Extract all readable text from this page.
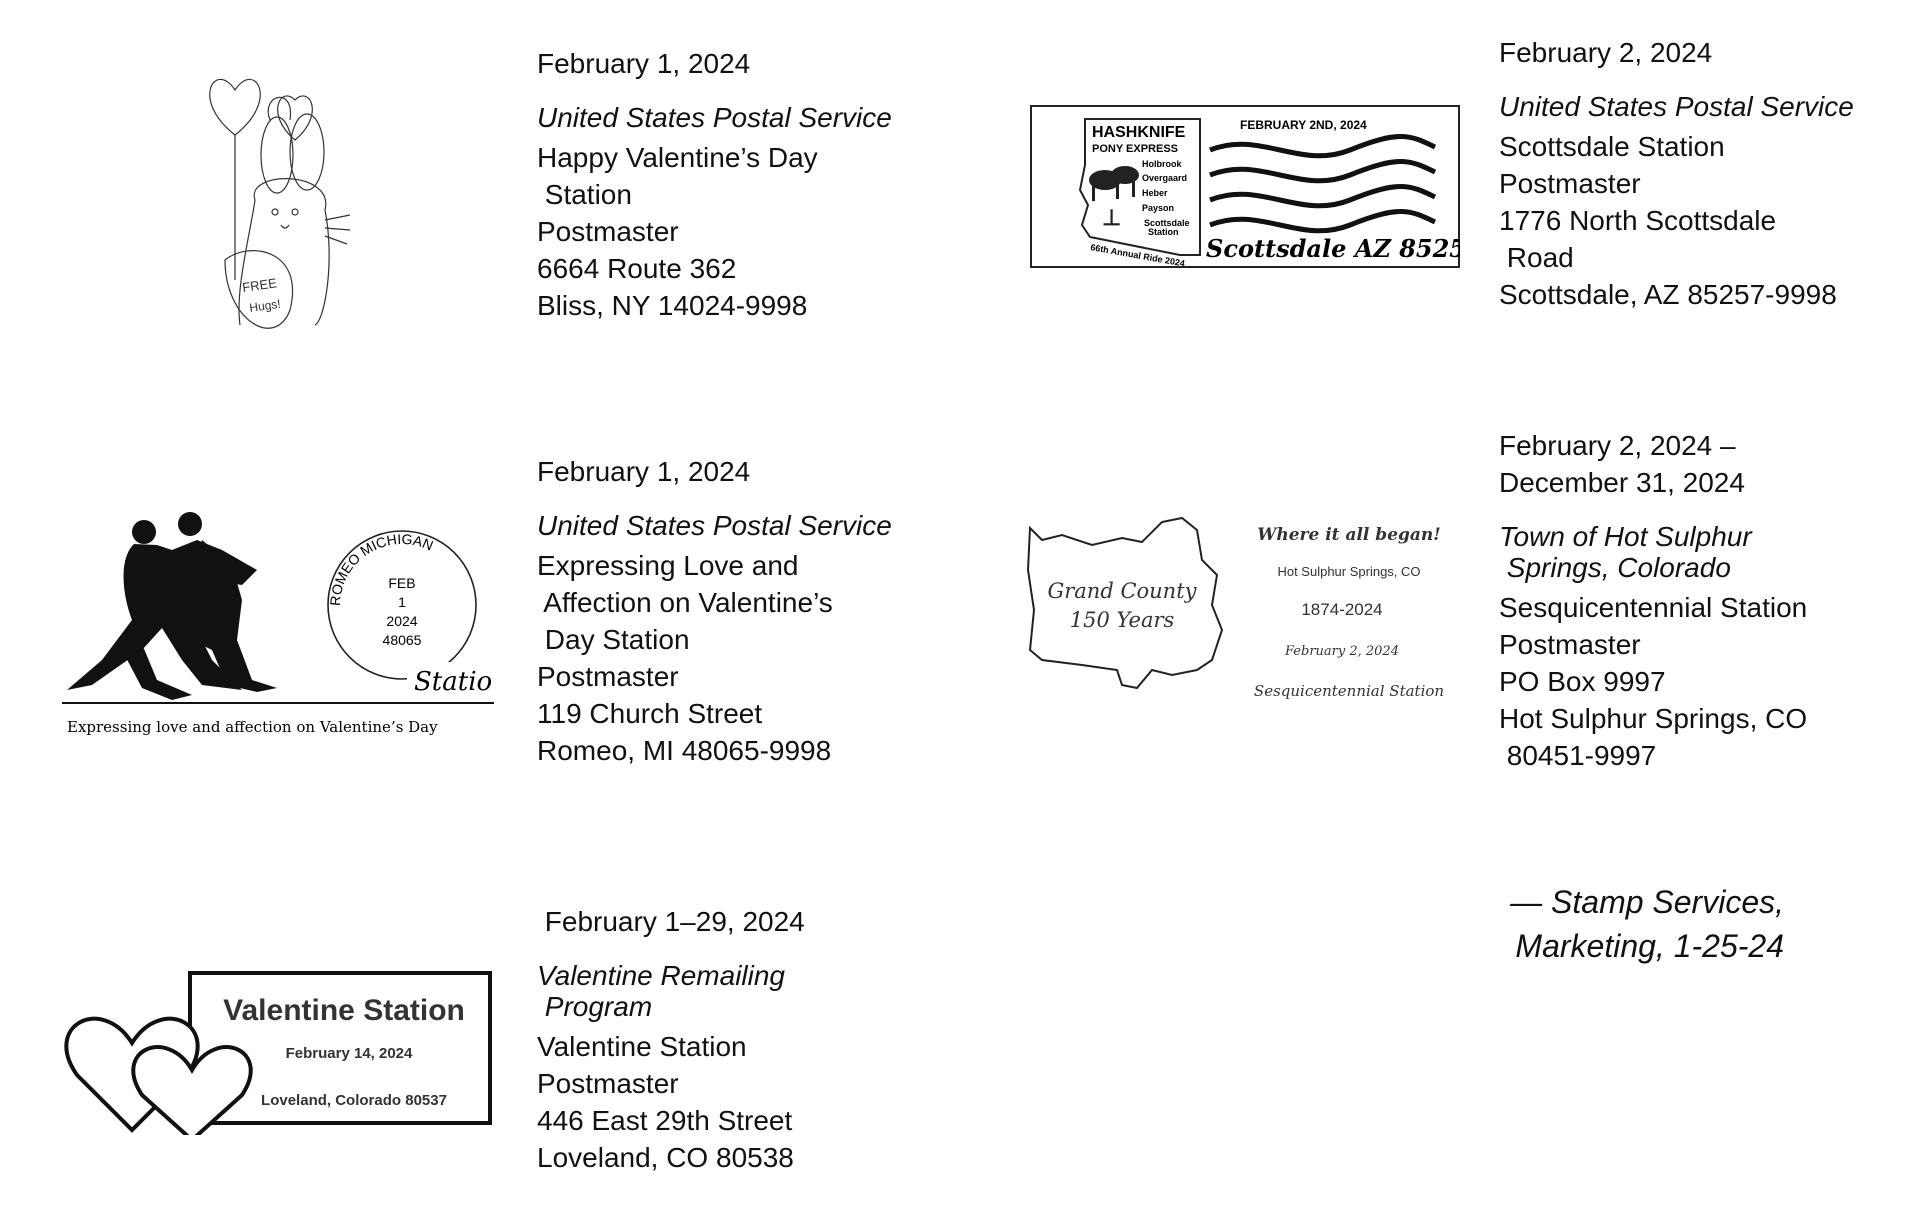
FREE
Hugs!
February 1, 2024
United States Postal Service
Happy Valentine’s Day
Station
Postmaster
6664 Route 362
Bliss, NY 14024-9998
HASHKNIFE
PONY EXPRESS
Holbrook
Overgaard
Heber
Payson
Scottsdale
Station
66th Annual Ride 2024
⊥
FEBRUARY 2ND, 2024
Scottsdale AZ 85257
February 2, 2024
United States Postal Service
Scottsdale Station
Postmaster
1776 North Scottsdale
Road
Scottsdale, AZ 85257-9998
ROMEO MICHIGAN
FEB
1
2024
48065
Statio
Expressing love and affection on Valentine’s Day
February 1, 2024
United States Postal Service
Expressing Love and
Affection on Valentine’s
Day Station
Postmaster
119 Church Street
Romeo, MI 48065-9998
Grand County
150 Years
Where it all began!
Hot Sulphur Springs, CO
1874-2024
February 2, 2024
Sesquicentennial Station
February 2, 2024 –
December 31, 2024
Town of Hot Sulphur
Springs, Colorado
Sesquicentennial Station
Postmaster
PO Box 9997
Hot Sulphur Springs, CO
80451-9997
Valentine Station
February 14, 2024
Loveland, Colorado 80537
February 1–29, 2024
Valentine Remailing
Program
Valentine Station
Postmaster
446 East 29th Street
Loveland, CO 80538
— Stamp Services,
Marketing, 1-25-24
